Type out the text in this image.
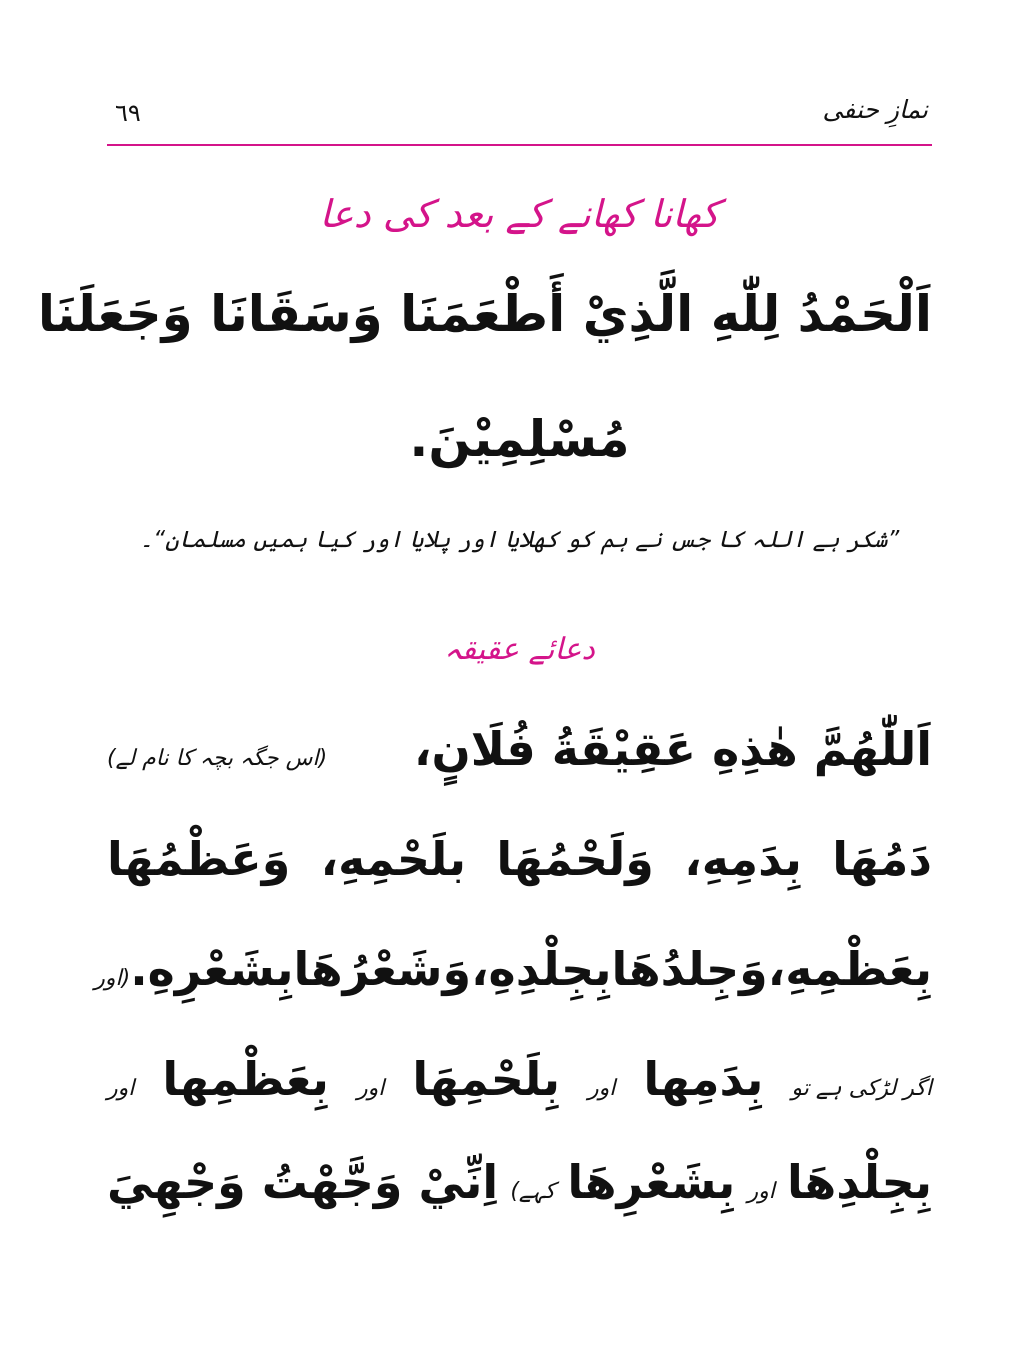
٦٩	نمازِ حنفی
کھانا کھانے کے بعد کی دعا
اَلْحَمْدُ لِلّٰهِ الَّذِيْ أَطْعَمَنَا وَسَقَانَا وَجَعَلَنَا
مُسْلِمِيْنَ.
”شکر ہے اللہ کا جس نے ہم کو کھلایا اور پلایا اور کیا ہمیں مسلمان“۔
دعائے عقیقہ
اَللّٰهُمَّ هٰذِهِ عَقِيْقَةُ فُلَانٍ،
(اس جگہ بچہ کا نام لے)
دَمُهَا
بِدَمِهِ،
وَلَحْمُهَا
بلَحْمِهِ،
وَعَظْمُهَا
بِعَظْمِهِ،
وَجِلدُهَا
بِجِلْدِهِ،
وَشَعْرُهَا
بِشَعْرِهِ.
(اور
اگر لڑکی ہے تو
بِدَمِها
اور
بِلَحْمِهَا
اور
بِعَظْمِها
اور
بِجِلْدِهَا
اور
بِشَعْرِهَا
کہے)
اِنِّيْ وَجَّهْتُ وَجْهِيَ
